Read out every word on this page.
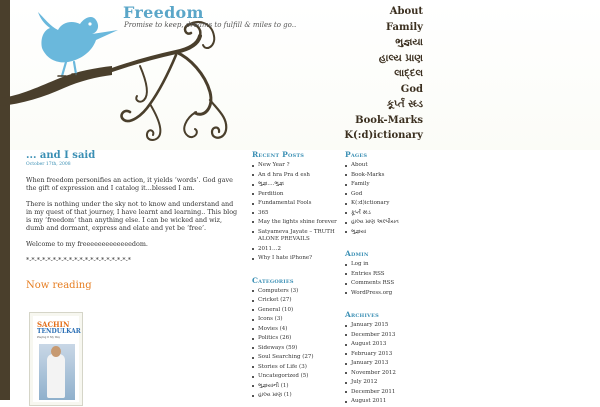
Freedom
Promise to keep, dreams to fulfill & miles to go..
About
Family
ભુજ્ઞયા
હાલ્ય પ્રાણ
લાદ્દલ
God
કૂર્પ્તં સ્ઘ્ડ
Book-Marks
K(:d)ictionary
... and I said
October 17th, 2008

When freedom personifies an action, it yields ‘words’. God gave the gift of expression and I catalog it...blessed I am.

There is nothing under the sky not to know and understand and in my quest of that journey, I have learnt and learning.. This blog is my ‘freedom’ than anything else. I can be wicked and wiz, dumb and dormant, express and elate and yet be ‘free’.

Welcome to my freeeeeeeeeeeeedom.

*-*-*-*-*-*-*-*-*-*-*-*-*-*-*-*-*-*-*-*

Now reading
SACHIN
TENDULKAR
Playing It My Way
Recent Posts
New Year ?
An d hra Pra d esh
ભુજ્ઞ....ભુજ્ઞ
Perdition
Fundamental Fools
365
May the lights shine forever
Satyameva Jayate – TRUTH ALONE PREVAILS
2011…2
Why I hate iPhone?
Categories
Computers (3)
Cricket (27)
General (10)
Icons (3)
Movies (4)
Politics (26)
Sideways (59)
Soul Searching (27)
Stories of Life (3)
Uncategorized (5)
ભુજ્ઞયાની (1)
હાલ્ય પ્રાણ (1)
Pages
About
Book-Marks
Family
God
K(:d)ictionary
કૂર્પ્તં સ્ઘ્ડ
હાલ્ય પ્રાણ અલ્પીયત
ભુજ્ઞયા
Admin
Log in
Entries RSS
Comments RSS
WordPress.org
Archives
January 2015
December 2013
August 2013
February 2013
January 2013
November 2012
July 2012
December 2011
August 2011
